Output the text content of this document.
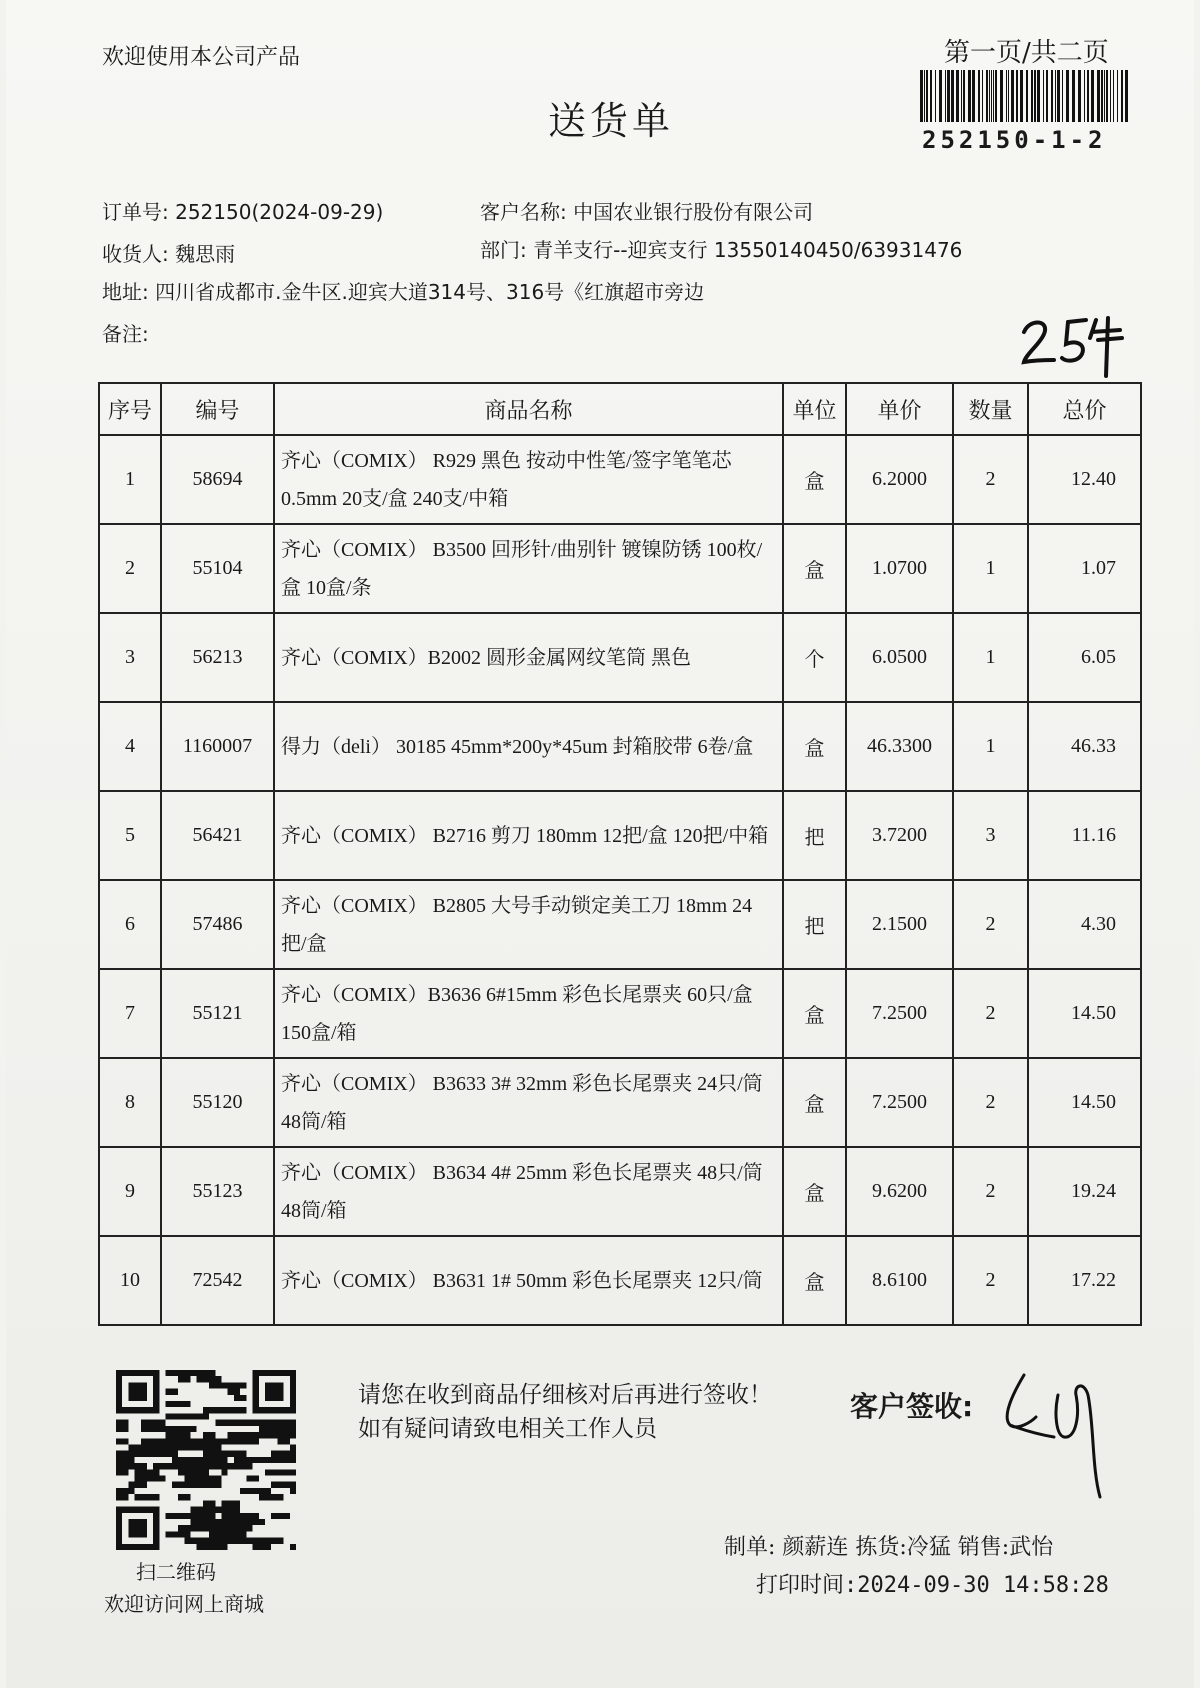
欢迎使用本公司产品	第一页/共二页
送货单	252150-1-2
订单号: 252150(2024-09-29)	客户名称: 中国农业银行股份有限公司
收货人: 魏思雨	部门: 青羊支行--迎宾支行 13550140450/63931476
地址: 四川省成都市.金牛区.迎宾大道314号、316号《红旗超市旁边
备注:
序号	编号	商品名称	单位	单价	数量	总价
1	58694	齐心（COMIX） R929 黑色 按动中性笔/签字笔笔芯0.5mm 20支/盒 240支/中箱	盒	6.2000	2	12.40
2	55104	齐心（COMIX） B3500 回形针/曲别针 镀镍防锈 100枚/盒 10盒/条	盒	1.0700	1	1.07
3	56213	齐心（COMIX）B2002 圆形金属网纹笔筒 黑色	个	6.0500	1	6.05
4	1160007	得力（deli） 30185 45mm*200y*45um 封箱胶带 6卷/盒	盒	46.3300	1	46.33
5	56421	齐心（COMIX） B2716 剪刀 180mm 12把/盒 120把/中箱	把	3.7200	3	11.16
6	57486	齐心（COMIX） B2805 大号手动锁定美工刀 18mm 24把/盒	把	2.1500	2	4.30
7	55121	齐心（COMIX）B3636 6#15mm 彩色长尾票夹 60只/盒 150盒/箱	盒	7.2500	2	14.50
8	55120	齐心（COMIX） B3633 3# 32mm 彩色长尾票夹 24只/筒 48筒/箱	盒	7.2500	2	14.50
9	55123	齐心（COMIX） B3634 4# 25mm 彩色长尾票夹 48只/筒 48筒/箱	盒	9.6200	2	19.24
10	72542	齐心（COMIX） B3631 1# 50mm 彩色长尾票夹 12只/筒	盒	8.6100	2	17.22
扫二维码
欢迎访问网上商城
请您在收到商品仔细核对后再进行签收！如有疑问请致电相关工作人员
客户签收:
制单: 颜薪连 拣货:冷猛 销售:武怡
打印时间:2024-09-30 14:58:28
